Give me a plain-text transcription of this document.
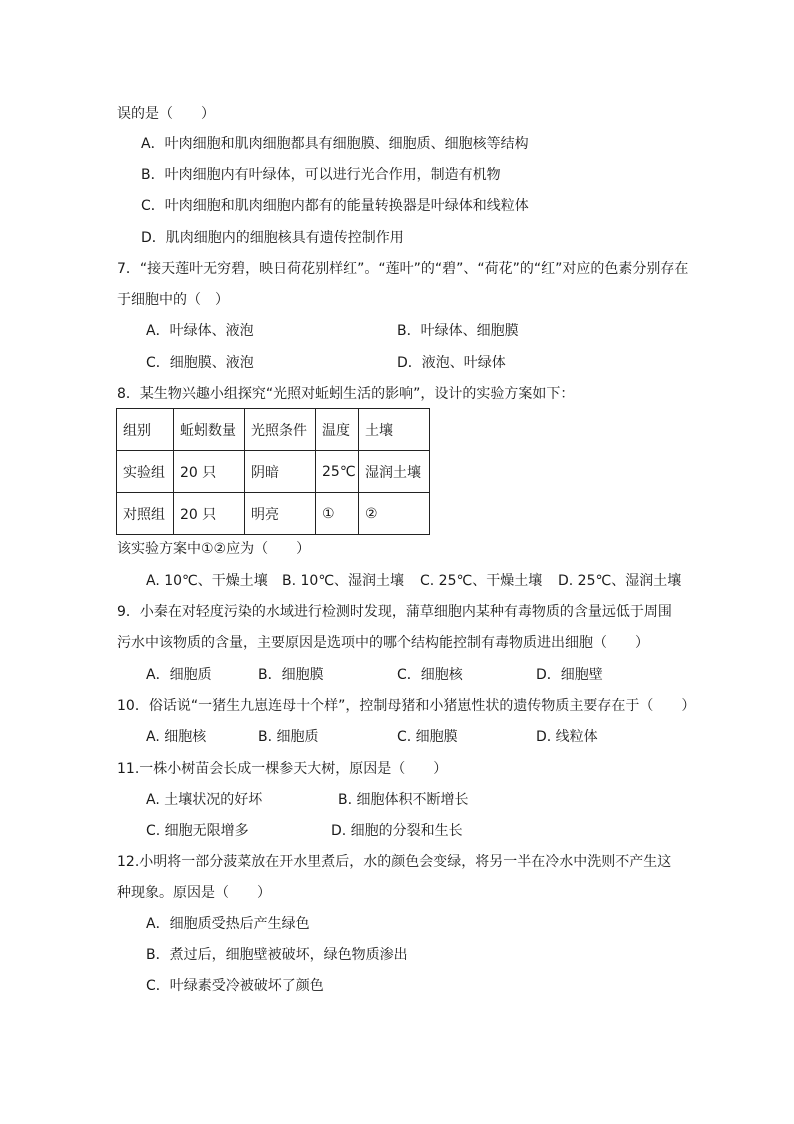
误的是（　　）
A．叶肉细胞和肌肉细胞都具有细胞膜、细胞质、细胞核等结构
B．叶肉细胞内有叶绿体，可以进行光合作用，制造有机物
C．叶肉细胞和肌肉细胞内都有的能量转换器是叶绿体和线粒体
D．肌肉细胞内的细胞核具有遗传控制作用
7．“接天莲叶无穷碧，映日荷花别样红”。“莲叶”的“碧”、“荷花”的“红”对应的色素分别存在
于细胞中的（　）
A．叶绿体、液泡	B．叶绿体、细胞膜
C．细胞膜、液泡	D．液泡、叶绿体
8．某生物兴趣小组探究“光照对蚯蚓生活的影响”，设计的实验方案如下：
组别	蚯蚓数量	光照条件	温度	土壤
实验组	20 只	阴暗	25℃	湿润土壤
对照组	20 只	明亮	①	②
该实验方案中①②应为（　　）
A. 10℃、干燥土壤 B. 10℃、湿润土壤 C. 25℃、干燥土壤 D. 25℃、湿润土壤
9．小秦在对轻度污染的水域进行检测时发现，蒲草细胞内某种有毒物质的含量远低于周围
污水中该物质的含量，主要原因是选项中的哪个结构能控制有毒物质进出细胞（　　）
A．细胞质	B．细胞膜	C．细胞核	D．细胞壁
10．俗话说“一猪生九崽连母十个样”，控制母猪和小猪崽性状的遗传物质主要存在于（　　）
A. 细胞核	B. 细胞质	C. 细胞膜	D. 线粒体
11.一株小树苗会长成一棵参天大树，原因是（　　）
A. 土壤状况的好坏	B. 细胞体积不断增长
C. 细胞无限增多	D. 细胞的分裂和生长
12.小明将一部分菠菜放在开水里煮后，水的颜色会变绿，将另一半在冷水中洗则不产生这
种现象。原因是（　　）
A．细胞质受热后产生绿色
B．煮过后，细胞壁被破坏，绿色物质渗出
C．叶绿素受冷被破坏了颜色
